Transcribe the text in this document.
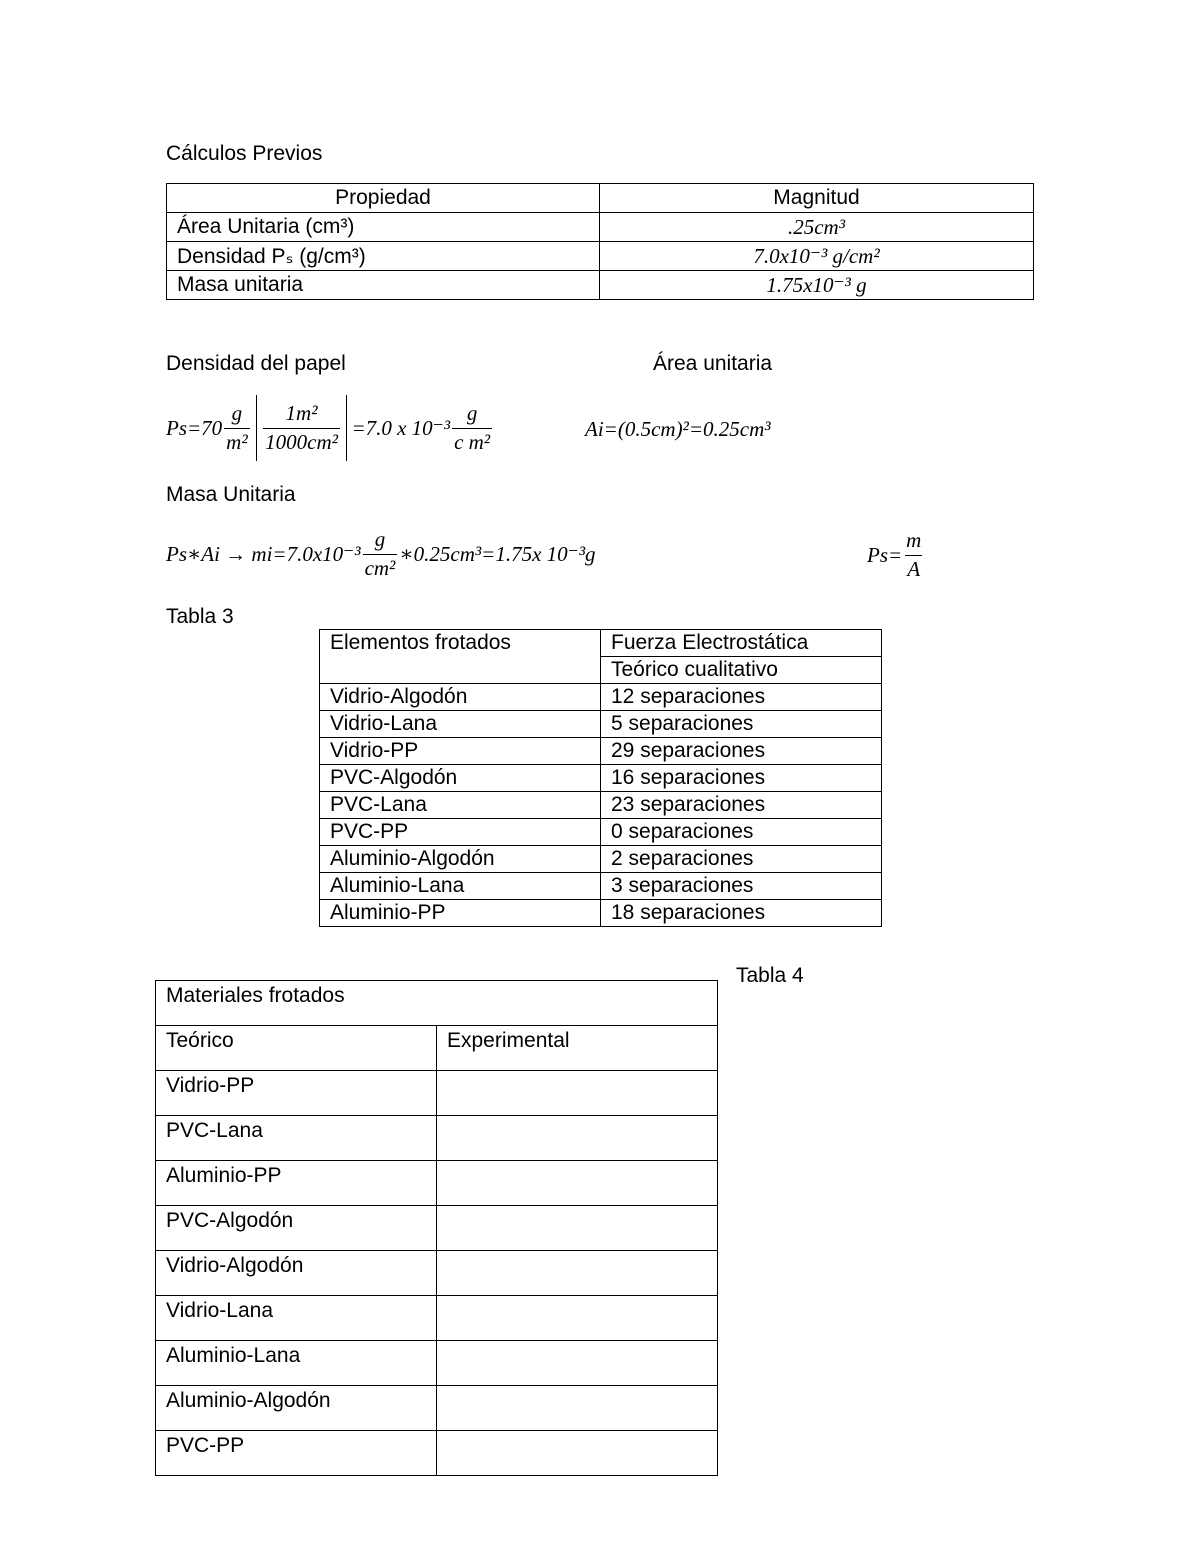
Cálculos Previos
Propiedad	Magnitud
Área Unitaria (cm³)	.25cm³
Densidad Pₛ (g/cm³)	7.0x10⁻³ g/cm²
Masa unitaria	1.75x10⁻³ g
Densidad del papel	Área unitaria
$Ps=70 \frac{g}{\text{m²}} \frac{\text{1m²}}{\text{1000cm²}} =7.0$ x $10^{-3} \frac{g}{\text{c m²}}$	Ai=(0.5cm)²=0.25cm³
Masa Unitaria
Ps∗Ai → $mi=7.0x10^{-3} \frac{g}{\text{cm²}}$ ∗0.25cm³=1.75x 10⁻³g	$Ps= \frac{m}{A}$
Tabla 3
Elementos frotados	Fuerza Electrostática
	Teórico cualitativo
Vidrio-Algodón	12 separaciones
Vidrio-Lana	5 separaciones
Vidrio-PP	29 separaciones
PVC-Algodón	16 separaciones
PVC-Lana	23 separaciones
PVC-PP	0 separaciones
Aluminio-Algodón	2 separaciones
Aluminio-Lana	3 separaciones
Aluminio-PP	18 separaciones
Tabla 4
Materiales frotados	
Teórico	Experimental
Vidrio-PP	
PVC-Lana	
Aluminio-PP	
PVC-Algodón	
Vidrio-Algodón	
Vidrio-Lana	
Aluminio-Lana	
Aluminio-Algodón	
PVC-PP	
